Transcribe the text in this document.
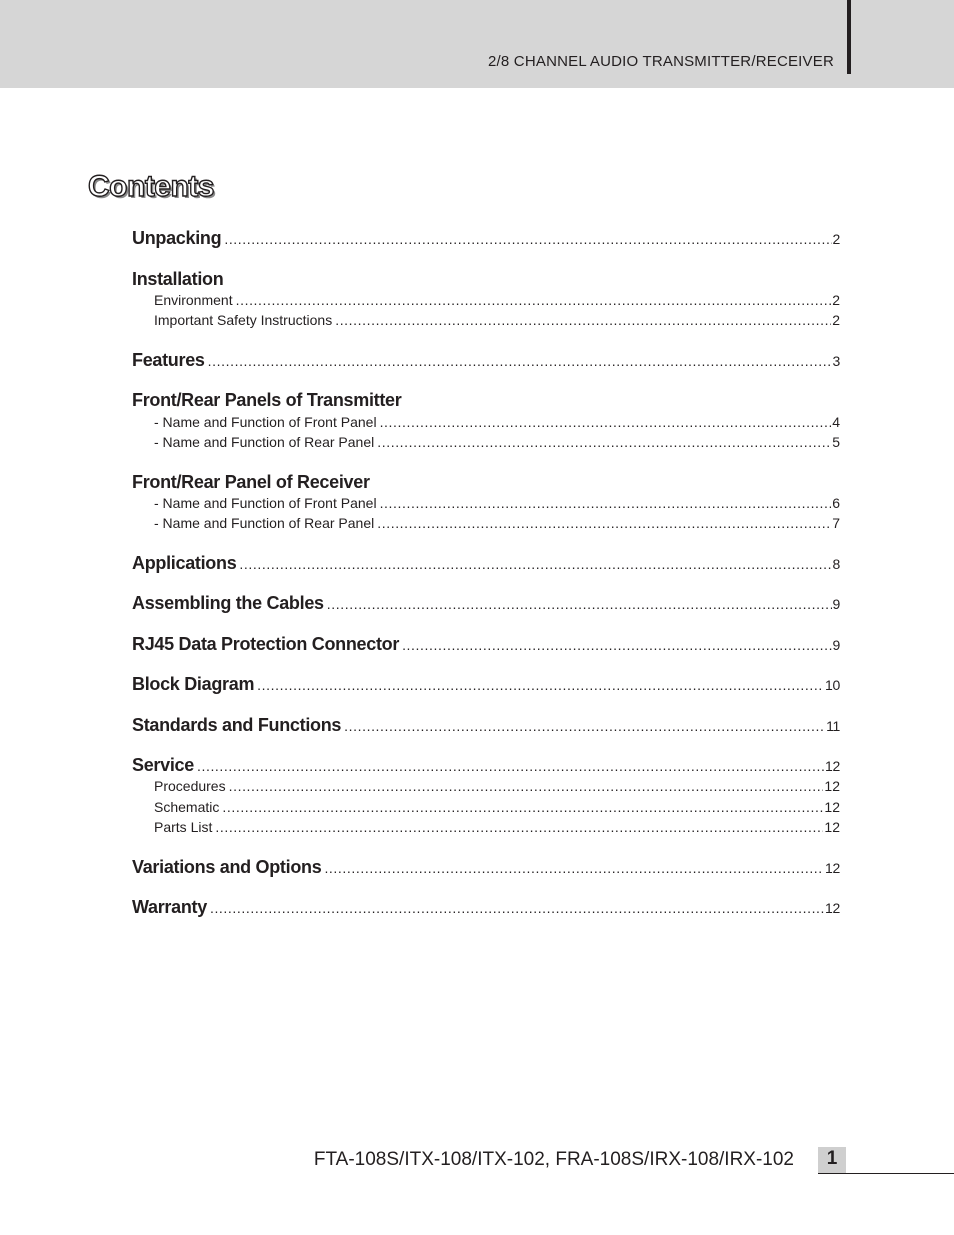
2/8 CHANNEL AUDIO TRANSMITTER/RECEIVER
Contents
Unpacking .....	2
Installation
Environment .....	2
Important Safety Instructions .....	2
Features .....	3
Front/Rear Panels of Transmitter
- Name and Function of Front Panel .....	4
- Name and Function of Rear Panel .....	5
Front/Rear Panel of Receiver
- Name and Function of Front Panel .....	6
- Name and Function of Rear Panel .....	7
Applications .....	8
Assembling the Cables .....	9
RJ45 Data Protection Connector .....	9
Block Diagram .....	10
Standards and Functions .....	11
Service .....	12
Procedures .....	12
Schematic .....	12
Parts List .....	12
Variations and Options .....	12
Warranty .....	12
FTA-108S/ITX-108/ITX-102, FRA-108S/IRX-108/IRX-102	1
